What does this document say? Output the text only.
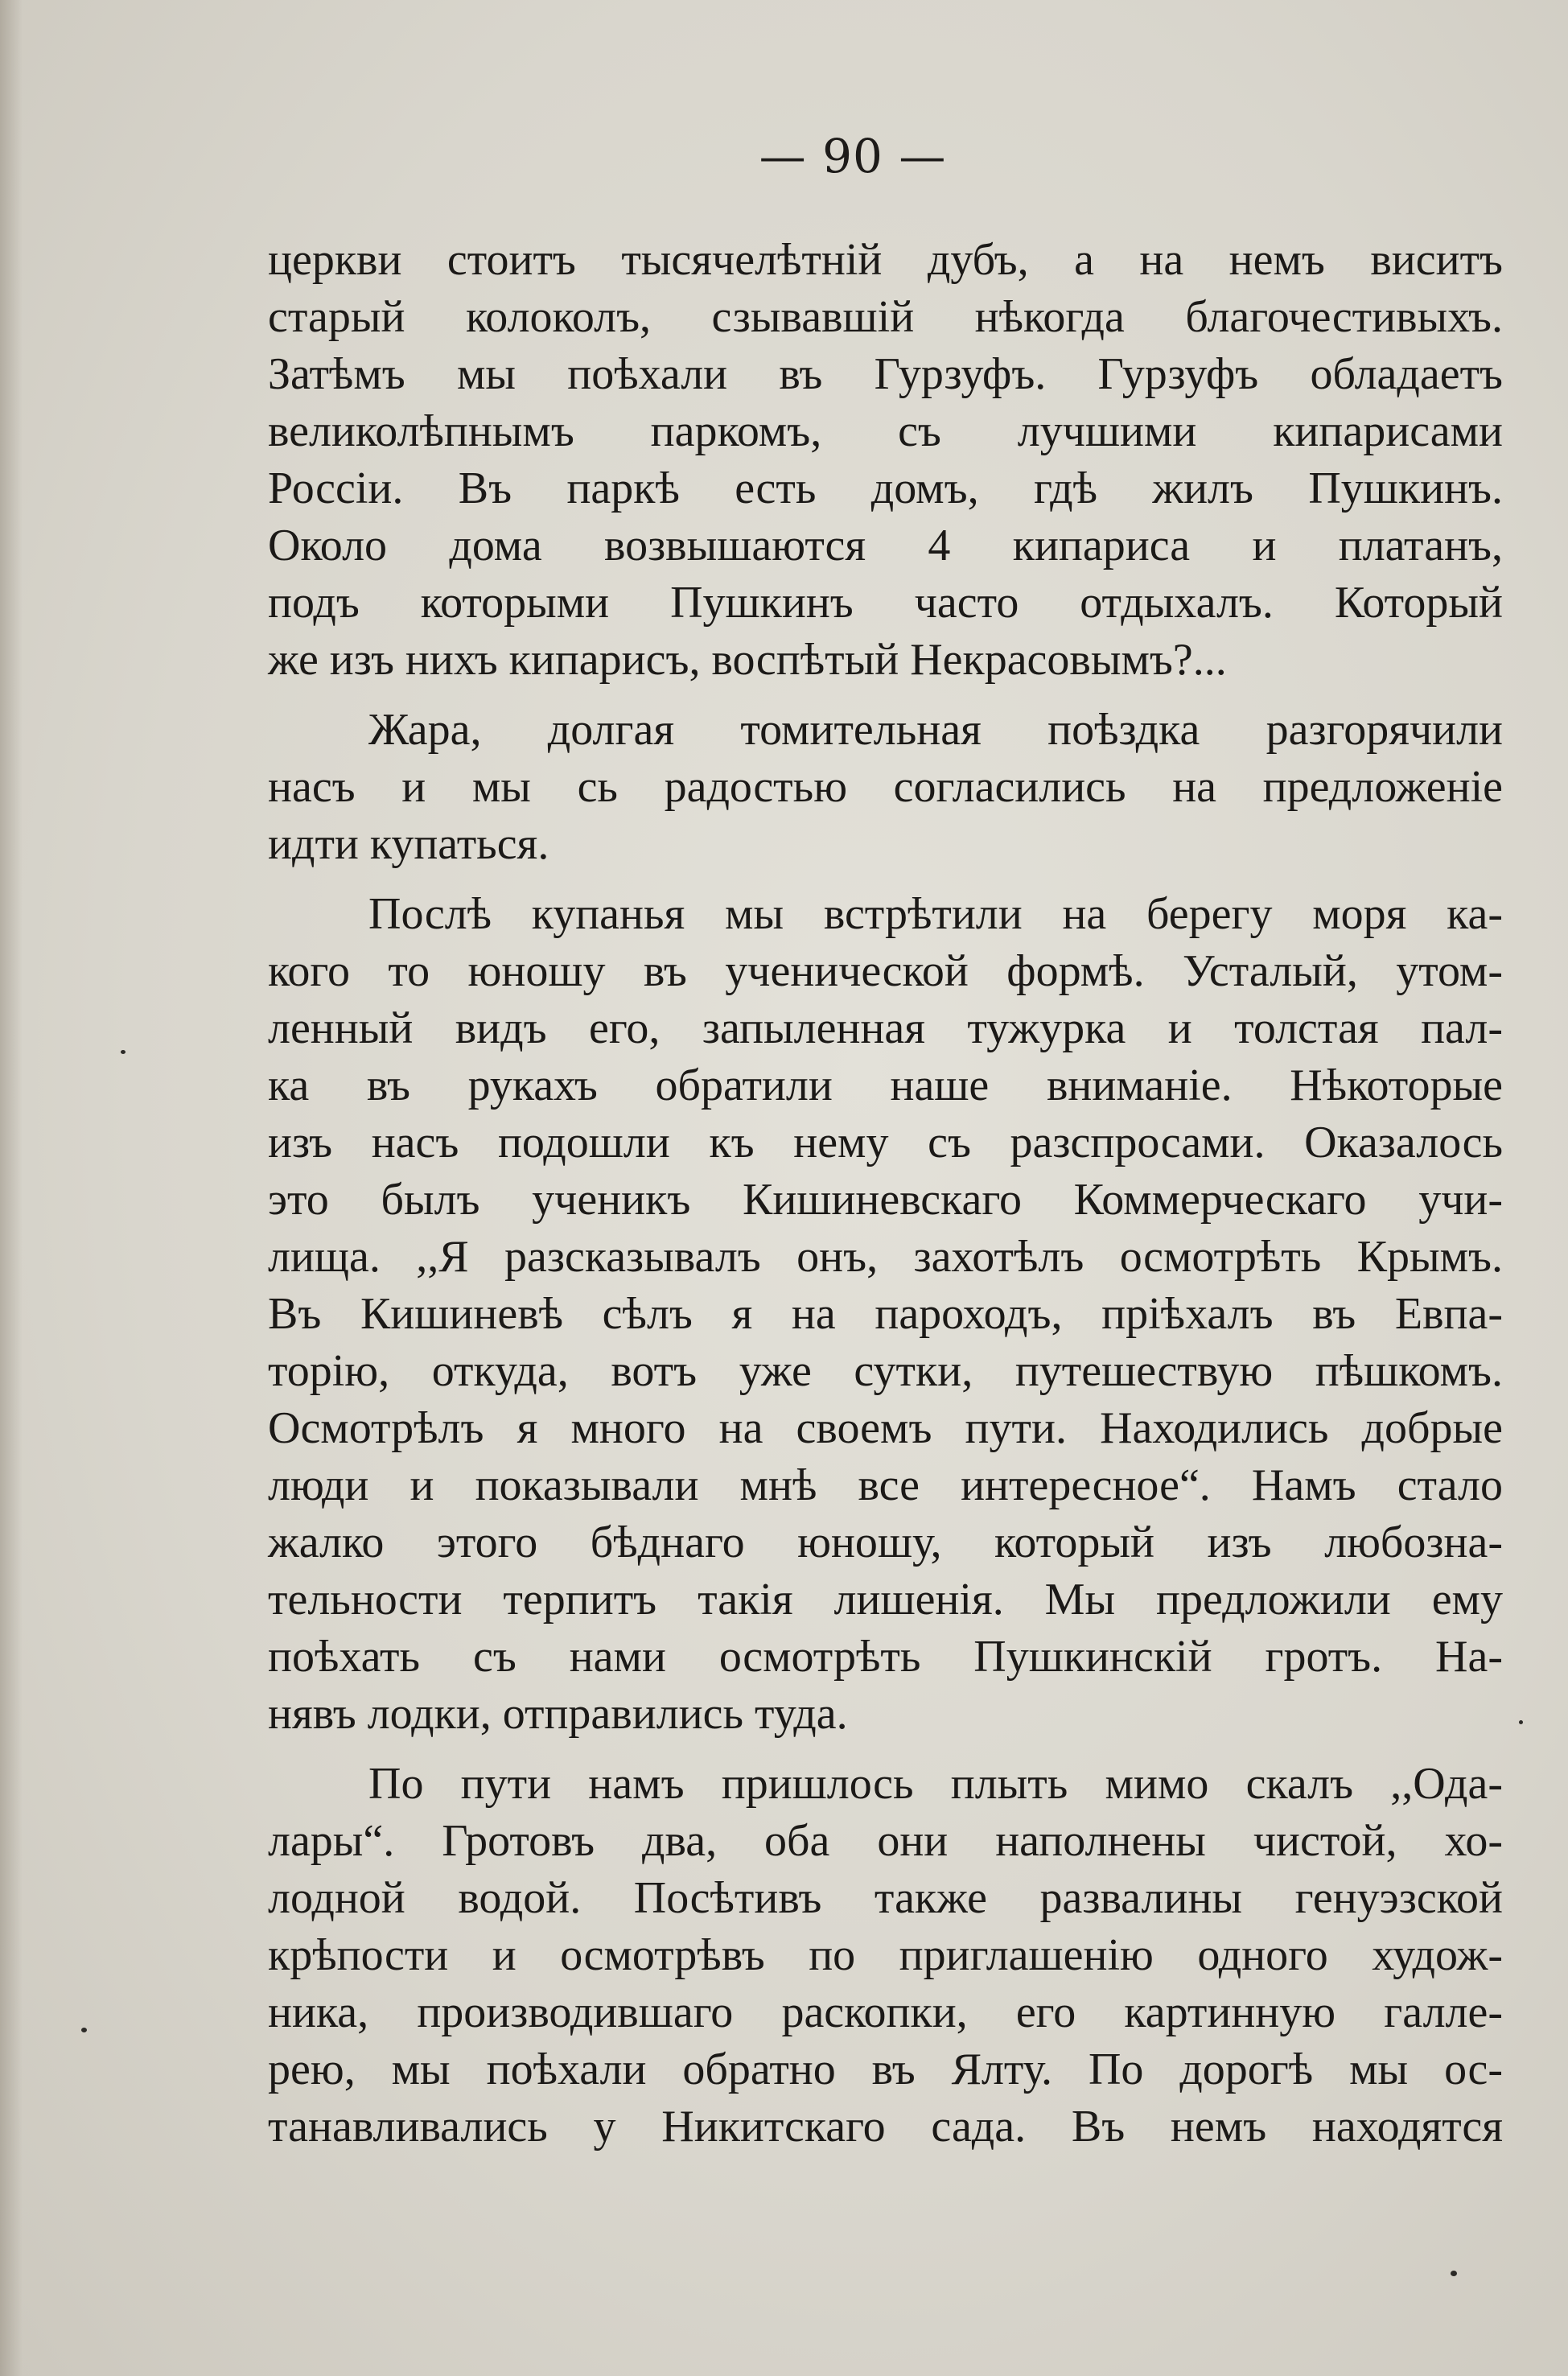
— 90 —
церкви стоитъ тысячелѣтній дубъ, а на немъ виситъ
старый колоколъ, сзывавшій нѣкогда благочестивыхъ.
Затѣмъ мы поѣхали въ Гурзуфъ. Гурзуфъ обладаетъ
великолѣпнымъ паркомъ, съ лучшими кипарисами
Россіи. Въ паркѣ есть домъ, гдѣ жилъ Пушкинъ.
Около дома возвышаются 4 кипариса и платанъ,
подъ которыми Пушкинъ часто отдыхалъ. Который
же изъ нихъ кипарисъ, воспѣтый Некрасовымъ?...
Жара, долгая томительная поѣздка разгорячили
насъ и мы сь радостью согласились на предложеніе
идти купаться.
Послѣ купанья мы встрѣтили на берегу моря ка-
кого то юношу въ ученической формѣ. Усталый, утом-
ленный видъ его, запыленная тужурка и толстая пал-
ка въ рукахъ обратили наше вниманіе. Нѣкоторые
изъ насъ подошли къ нему съ разспросами. Оказалось
это былъ ученикъ Кишиневскаго Коммерческаго учи-
лища. ,,Я разсказывалъ онъ, захотѣлъ осмотрѣть Крымъ.
Въ Кишиневѣ сѣлъ я на пароходъ, пріѣхалъ въ Евпа-
торію, откуда, вотъ уже сутки, путешествую пѣшкомъ.
Осмотрѣлъ я много на своемъ пути. Находились добрые
люди и показывали мнѣ все интересное“. Намъ стало
жалко этого бѣднаго юношу, который изъ любозна-
тельности терпитъ такія лишенія. Мы предложили ему
поѣхать съ нами осмотрѣть Пушкинскій гротъ. На-
нявъ лодки, отправились туда.
По пути намъ пришлось плыть мимо скалъ ,,Ода-
лары“. Гротовъ два, оба они наполнены чистой, хо-
лодной водой. Посѣтивъ также развалины генуэзской
крѣпости и осмотрѣвъ по приглашенію одного худож-
ника, производившаго раскопки, его картинную галле-
рею, мы поѣхали обратно въ Ялту. По дорогѣ мы ос-
танавливались у Никитскаго сада. Въ немъ находятся
